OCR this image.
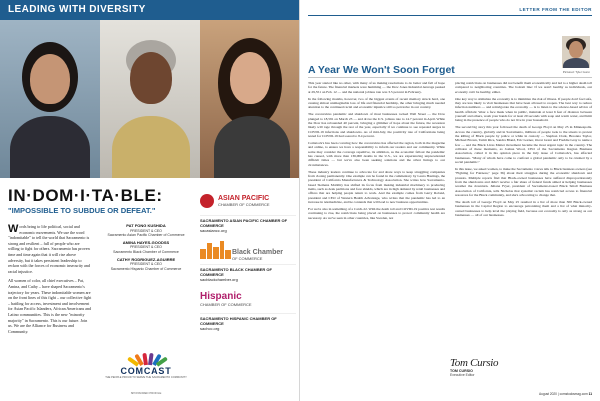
LEADING WITH DIVERSITY
IN·DOM·I·TA·BLE:
"IMPOSSIBLE TO SUBDUE OR DEFEAT."

Words bring to life political, social and economic movements. We use the word "indomitable" to tell the world that Sacramento is strong and resilient – full of people who are willing to fight for others. Sacramento has proven time and time again that it will rise above adversity, but it takes persistent leadership to reckon with the forces of economic insecurity and racial injustice.

All women of color, all chief executives – Pat, Amina, and Cathy – have shaped Sacramento's trajectory for years. These indomitable women are on the front lines of this fight – our collective fight – battling for access, investment and involvement for Asian Pacific Islanders, African Americans and Latino communities. This is the new "minority majority" in Sacramento. This is our future. Join us. We are the Alliance for Business and Community.

PAT FONG KUSHIDA
PRESIDENT & CEO
Sacramento Asian Pacific Chamber of Commerce
AMINA HAYES-GOODSS
PRESIDENT & CEO
Sacramento Black Chamber of Commerce
CATHY RODRIGUEZ-AGUIRRE
PRESIDENT & CEO
Sacramento Hispanic Chamber of Commerce
COMCAST
THE PEOPLE PROUD TO SERVE THE SACRAMENTO COMMUNITY
SPONSORED PROFILE
ASIAN PACIFIC
CHAMBER OF COMMERCE
SACRAMENTO ASIAN PACIFIC CHAMBER OF COMMERCE
sacasiancc.org
Black Chamber
OF COMMERCE
SACRAMENTO BLACK CHAMBER OF COMMERCE
sacblackchamber.org
Hispanic
CHAMBER OF COMMERCE
SACRAMENTO HISPANIC CHAMBER OF COMMERCE
sachcc.org
LETTER FROM THE EDITOR
A Year We Won't Soon Forget	Pictured: Tyler Gunn

This year started like no other, with many of us making resolutions to do better and full of hope for the future. The financial markets were humming — the Dow Jones Industrial Average peaked at 29,551 on Feb. 12 — and the national jobless rate was 3.5 percent in February.

In the following months, however, two of the biggest events of recent memory struck hard, one causing almost unimaginable loss of life and financial hardship, the other bringing much needed attention to the continued racial and economic injustice still so pervasive in our country.

The coronavirus pandemic and shutdown of most businesses rocked Wall Street — the Dow plunged to 18,591 on March 23 — and drove the U.S. jobless rate to 14.7 percent in April. While the Dow has rebounded 40 percent, bringing a glimmer of hope about the future, the recession likely will rage through the rest of the year, especially if we continue to see repeated surges in COVID-19 infections and shutdowns. As of mid-July, the positivity rate of Californians being tested for COVID-19 had soared to 8.4 percent.

Comstock's has been covering how the coronavirus has affected the region, both in the magazine and online, to ensure we have a responsibility to inform our readers and our community. While some may consider the coverage repetitive, its ambition, as the economic fallout the pandemic has caused, with more than 136,000 deaths in the U.S., we are experiencing unprecedented difficult times — but we've also been seeking solutions and the silver linings to our circumstances.

These industry leaders continue to advocate for and share ways to keep struggling companies from closing permanently. One example can be found in the commentary by Laura Hastings, the president of California Manufacturers & Technology Association. She writes how Sacramento-based Siemens Mobility has shifted its focus from making industrial machinery to producing items, such as desk partitions and face shields, which are in high demand by retail businesses and offices that are helping people return to work. And the example comes from Garry Roland, president and CEO of Western Health Advantage, who writes that the pandemic has led to an increase in telemedicine, and he contends that will lead to new business opportunities.

For we're also in something of a Catch-22. With the death toll and COVID-19 positive test results continuing to rise, the restrictions being placed on businesses to protect community health are necessary. As we've seen in other countries, like Sweden, not

placing restrictions on businesses did not benefit them economically and led to a higher death toll compared to neighboring countries. The bottom line: If we aren't healthy as individuals, our economy can't be healthy, either.

One key way to stimulate the economy is to minimize the risk of illness. If people don't feel safe, they are less likely to visit businesses that have been allowed to reopen. The best way to reduce infection numbers — and reinvigorate the economy — is to listen to the science-based advice of health officials: Wear a face mask when in public, maintain at least 6 feet of distance between yourself and others, wash your hands for at least 20 seconds with soap and warm water, and limit being in the presence of people who do not live in your household.

The second big story this year followed the death of George Floyd on May 25 in Minneapolis. Across the country, globally and in Sacramento, millions of people took to the streets to protest the killing of Black people by police or while in custody — Stephon Clark, Breonna Taylor, Michael Brown, Tamir Rice, Sandra Bland, Eric Garner, Oscar Grant and Freddie Gray to name a few — and the Black Lives Matter movement became the most urgent topic in the country. The collision of these moments, as Joshua Wood, CEO of the Sacramento Region Business Association, called it in his opinion piece in the July issue of Comstock's, has affected businesses. "Many of whom have come to confront a global pandemic only to be crushed by a social pandemic."

In this issue, we asked women, to make the Sacramento voices talk to Black business owners (see "Fighting for Fairness," page 36) about their struggles during the economic shutdown and protests. Multiple reports find that Black-owned businesses have suffered disproportionately from the shutdowns and didn't receive a fair share of federal funds aimed at helping businesses weather the downturn. Juliana Fryer, president of Sacramento-based Black Small Business Association of California, tells Nicholas that systemic racism has restricted access to financial resources for the Black community, and she's advocating to change that.

The death toll of George Floyd on May 25 resulted in a list of more than 300 Black-owned businesses in the Capitol Region to encourage patronizing them and a list of what minority-owned businesses to help level the playing field, because our economy is only as strong as our businesses — all of our businesses.

Tom Cursio
TOM CURSIO
Executive Editor
August 2020 | comstocksmag.com 11
